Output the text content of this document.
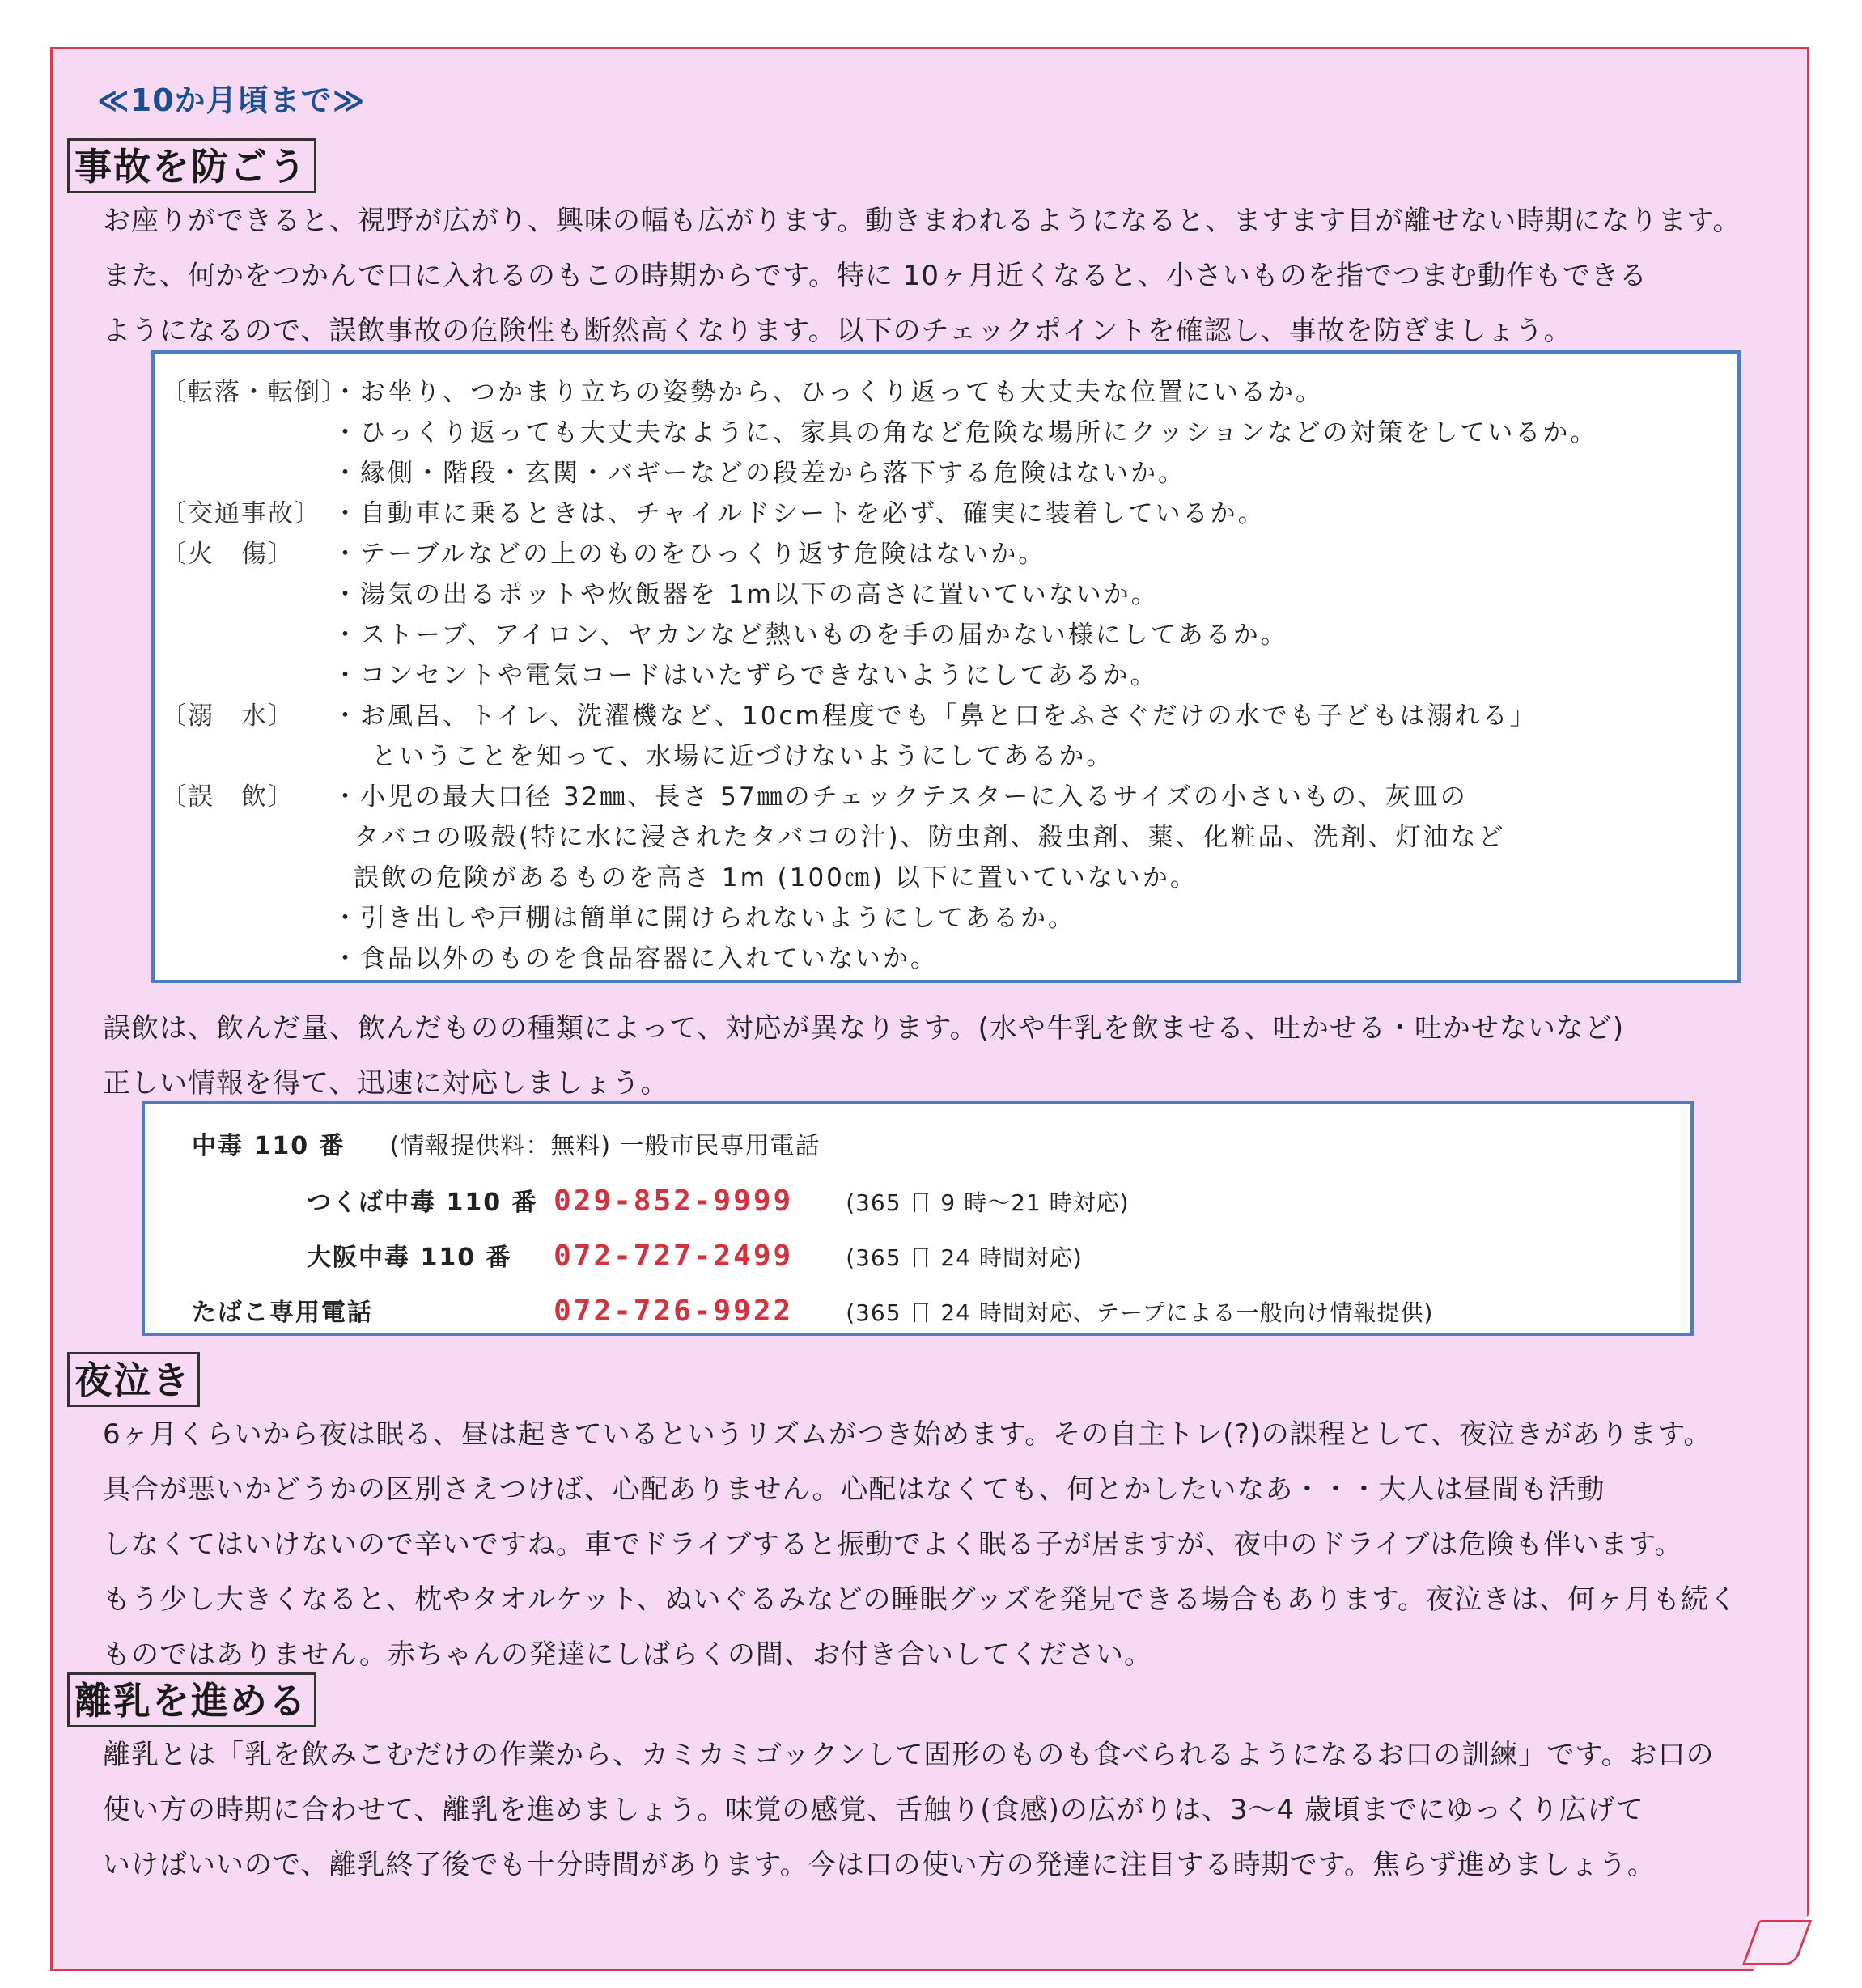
≪10か月頃まで≫
事故を防ごう
お座りができると、視野が広がり、興味の幅も広がります。動きまわれるようになると、ますます目が離せない時期になります。
また、何かをつかんで口に入れるのもこの時期からです。特に 10ヶ月近くなると、小さいものを指でつまむ動作もできる
ようになるので、誤飲事故の危険性も断然高くなります。以下のチェックポイントを確認し、事故を防ぎましょう。
〔転落・転倒〕
〔交通事故〕
〔火　傷〕
〔溺　水〕
〔誤　飲〕
・お坐り、つかまり立ちの姿勢から、ひっくり返っても大丈夫な位置にいるか。
・ひっくり返っても大丈夫なように、家具の角など危険な場所にクッションなどの対策をしているか。
・縁側・階段・玄関・バギーなどの段差から落下する危険はないか。
・自動車に乗るときは、チャイルドシートを必ず、確実に装着しているか。
・テーブルなどの上のものをひっくり返す危険はないか。
・湯気の出るポットや炊飯器を 1m以下の高さに置いていないか。
・ストーブ、アイロン、ヤカンなど熱いものを手の届かない様にしてあるか。
・コンセントや電気コードはいたずらできないようにしてあるか。
・お風呂、トイレ、洗濯機など、10cm程度でも「鼻と口をふさぐだけの水でも子どもは溺れる」
ということを知って、水場に近づけないようにしてあるか。
・小児の最大口径 32㎜、長さ 57㎜のチェックテスターに入るサイズの小さいもの、灰皿の
タバコの吸殻(特に水に浸されたタバコの汁)、防虫剤、殺虫剤、薬、化粧品、洗剤、灯油など
誤飲の危険があるものを高さ 1m (100㎝) 以下に置いていないか。
・引き出しや戸棚は簡単に開けられないようにしてあるか。
・食品以外のものを食品容器に入れていないか。
誤飲は、飲んだ量、飲んだものの種類によって、対応が異なります。(水や牛乳を飲ませる、吐かせる・吐かせないなど)
正しい情報を得て、迅速に対応しましょう。
中毒 110 番 (情報提供料：無料) 一般市民専用電話
つくば中毒 110 番 029-852-9999 (365 日 9 時～21 時対応)
大阪中毒 110 番 072-727-2499 (365 日 24 時間対応)
たばこ専用電話	072-726-9922 (365 日 24 時間対応、テープによる一般向け情報提供)
夜泣き
6ヶ月くらいから夜は眠る、昼は起きているというリズムがつき始めます。その自主トレ(?)の課程として、夜泣きがあります。
具合が悪いかどうかの区別さえつけば、心配ありません。心配はなくても、何とかしたいなあ・・・大人は昼間も活動
しなくてはいけないので辛いですね。車でドライブすると振動でよく眠る子が居ますが、夜中のドライブは危険も伴います。
もう少し大きくなると、枕やタオルケット、ぬいぐるみなどの睡眠グッズを発見できる場合もあります。夜泣きは、何ヶ月も続く
ものではありません。赤ちゃんの発達にしばらくの間、お付き合いしてください。
離乳を進める
離乳とは「乳を飲みこむだけの作業から、カミカミゴックンして固形のものも食べられるようになるお口の訓練」です。お口の
使い方の時期に合わせて、離乳を進めましょう。味覚の感覚、舌触り(食感)の広がりは、3～4 歳頃までにゆっくり広げて
いけばいいので、離乳終了後でも十分時間があります。今は口の使い方の発達に注目する時期です。焦らず進めましょう。
